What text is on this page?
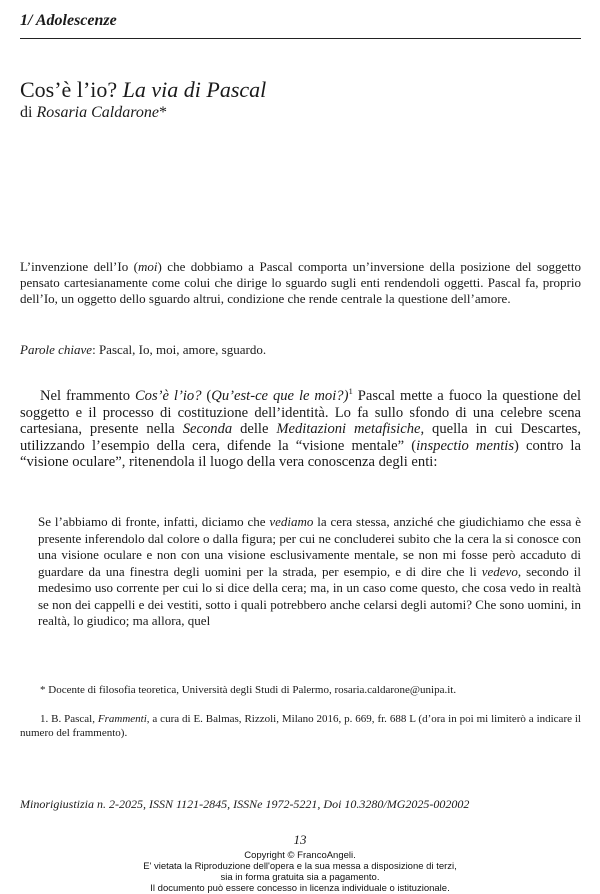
1/ Adolescenze
Cos’è l’io? La via di Pascal
di Rosaria Caldarone*

L’invenzione dell’Io (moi) che dobbiamo a Pascal comporta un’inversione della posizione del soggetto pensato cartesianamente come colui che dirige lo sguardo sugli enti rendendoli oggetti. Pascal fa, proprio dell’Io, un oggetto dello sguardo altrui, condizione che rende centrale la questione dell’amore.

Parole chiave: Pascal, Io, moi, amore, sguardo.

Nel frammento Cos’è l’io? (Qu’est-ce que le moi?)$^1$ Pascal mette a fuoco la questione del soggetto e il processo di costituzione dell’identità. Lo fa sullo sfondo di una celebre scena cartesiana, presente nella Seconda delle Meditazioni metafisiche, quella in cui Descartes, utilizzando l’esempio della cera, difende la “visione mentale” (inspectio mentis) contro la “visione oculare”, ritenendola il luogo della vera conoscenza degli enti:

Se l’abbiamo di fronte, infatti, diciamo che vediamo la cera stessa, anziché che giudichiamo che essa è presente inferendolo dal colore o dalla figura; per cui ne concluderei subito che la cera la si conosce con una visione oculare e non con una visione esclusivamente mentale, se non mi fosse però accaduto di guardare da una finestra degli uomini per la strada, per esempio, e di dire che li vedevo, secondo il medesimo uso corrente per cui lo si dice della cera; ma, in un caso come questo, che cosa vedo in realtà se non dei cappelli e dei vestiti, sotto i quali potrebbero anche celarsi degli automi? Che sono uomini, in realtà, lo giudico; ma allora, quel

* Docente di filosofia teoretica, Università degli Studi di Palermo, rosaria.caldarone@unipa.it.

1. B. Pascal, Frammenti, a cura di E. Balmas, Rizzoli, Milano 2016, p. 669, fr. 688 L (d’ora in poi mi limiterò a indicare il numero del frammento).

Minorigiustizia n. 2-2025, ISSN 1121-2845, ISSNe 1972-5221, Doi 10.3280/MG2025-002002
13
Copyright © FrancoAngeli.
E' vietata la Riproduzione dell'opera e la sua messa a disposizione di terzi,
sia in forma gratuita sia a pagamento.
Il documento può essere concesso in licenza individuale o istituzionale.
